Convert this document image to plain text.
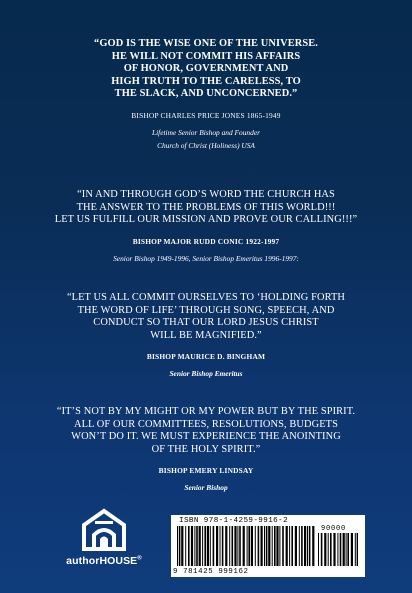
“GOD IS THE WISE ONE OF THE UNIVERSE.
HE WILL NOT COMMIT HIS AFFAIRS
OF HONOR, GOVERNMENT AND
HIGH TRUTH TO THE CARELESS, TO
THE SLACK, AND UNCONCERNED.”

BISHOP CHARLES PRICE JONES 1865-1949

Lifetime Senior Bishop and Founder
Church of Christ (Holiness) USA

“IN AND THROUGH GOD’S WORD THE CHURCH HAS
THE ANSWER TO THE PROBLEMS OF THIS WORLD!!!
LET US FULFILL OUR MISSION AND PROVE OUR CALLING!!!”

BISHOP MAJOR RUDD CONIC 1922-1997

Senior Bishop 1949-1996, Senior Bishop Emeritus 1996-1997:

“LET US ALL COMMIT OURSELVES TO ‘HOLDING FORTH
THE WORD OF LIFE’ THROUGH SONG, SPEECH, AND
CONDUCT SO THAT OUR LORD JESUS CHRIST
WILL BE MAGNIFIED.”

BISHOP MAURICE D. BINGHAM

Senior Bishop Emeritus

“IT’S NOT BY MY MIGHT OR MY POWER BUT BY THE SPIRIT.
ALL OF OUR COMMITTEES, RESOLUTIONS, BUDGETS
WON’T DO IT. WE MUST EXPERIENCE THE ANOINTING
OF THE HOLY SPIRIT.”

BISHOP EMERY LINDSAY

Senior Bishop

authorHOUSE®
ISBN 978-1-4259-9916-2
90000
9 781425 999162
